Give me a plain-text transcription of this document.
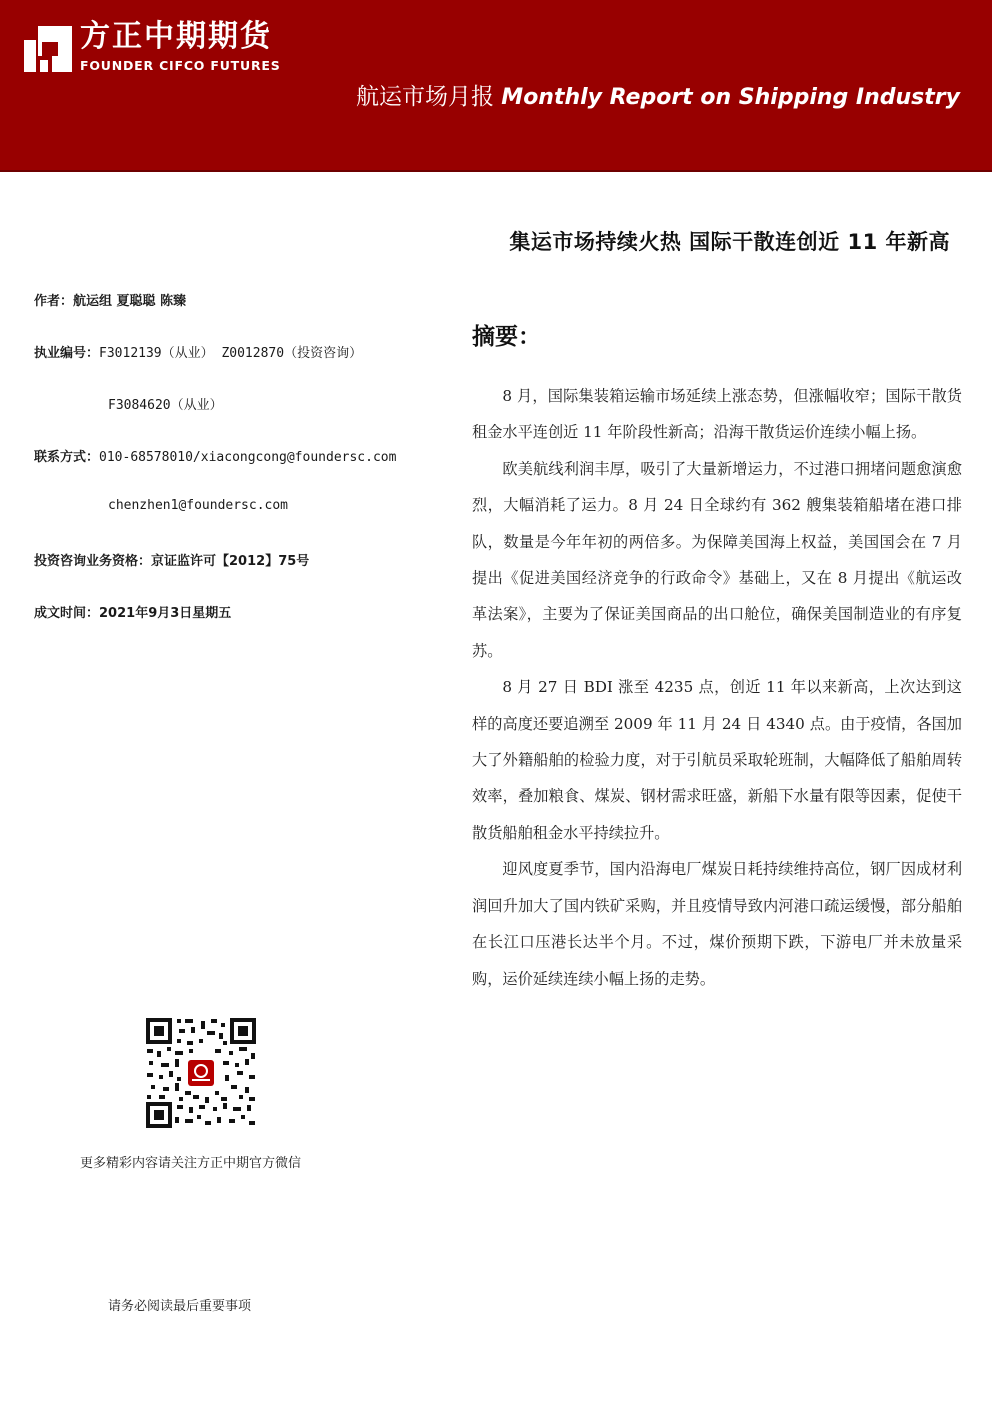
方正中期期货
FOUNDER CIFCO FUTURES
航运市场月报 Monthly Report on Shipping Industry
集运市场持续火热 国际干散连创近 11 年新高
作者：航运组 夏聪聪 陈臻
执业编号：F3012139（从业） Z0012870（投资咨询）
F3084620（从业）
联系方式：010-68578010/xiacongcong@foundersc.com
chenzhen1@foundersc.com
投资咨询业务资格：京证监许可【2012】75号
成文时间：2021年9月3日星期五
摘要：

8 月，国际集装箱运输市场延续上涨态势，但涨幅收窄；国际干散货租金水平连创近 11 年阶段性新高；沿海干散货运价连续小幅上扬。

欧美航线利润丰厚，吸引了大量新增运力，不过港口拥堵问题愈演愈烈，大幅消耗了运力。8 月 24 日全球约有 362 艘集装箱船堵在港口排队，数量是今年年初的两倍多。为保障美国海上权益，美国国会在 7 月提出《促进美国经济竞争的行政命令》基础上，又在 8 月提出《航运改革法案》，主要为了保证美国商品的出口舱位，确保美国制造业的有序复苏。

8 月 27 日 BDI 涨至 4235 点，创近 11 年以来新高，上次达到这样的高度还要追溯至 2009 年 11 月 24 日 4340 点。由于疫情，各国加大了外籍船舶的检验力度，对于引航员采取轮班制，大幅降低了船舶周转效率，叠加粮食、煤炭、钢材需求旺盛，新船下水量有限等因素，促使干散货船舶租金水平持续拉升。

迎风度夏季节，国内沿海电厂煤炭日耗持续维持高位，钢厂因成材利润回升加大了国内铁矿采购，并且疫情导致内河港口疏运缓慢，部分船舶在长江口压港长达半个月。不过，煤价预期下跌，下游电厂并未放量采购，运价延续连续小幅上扬的走势。

更多精彩内容请关注方正中期官方微信
请务必阅读最后重要事项
